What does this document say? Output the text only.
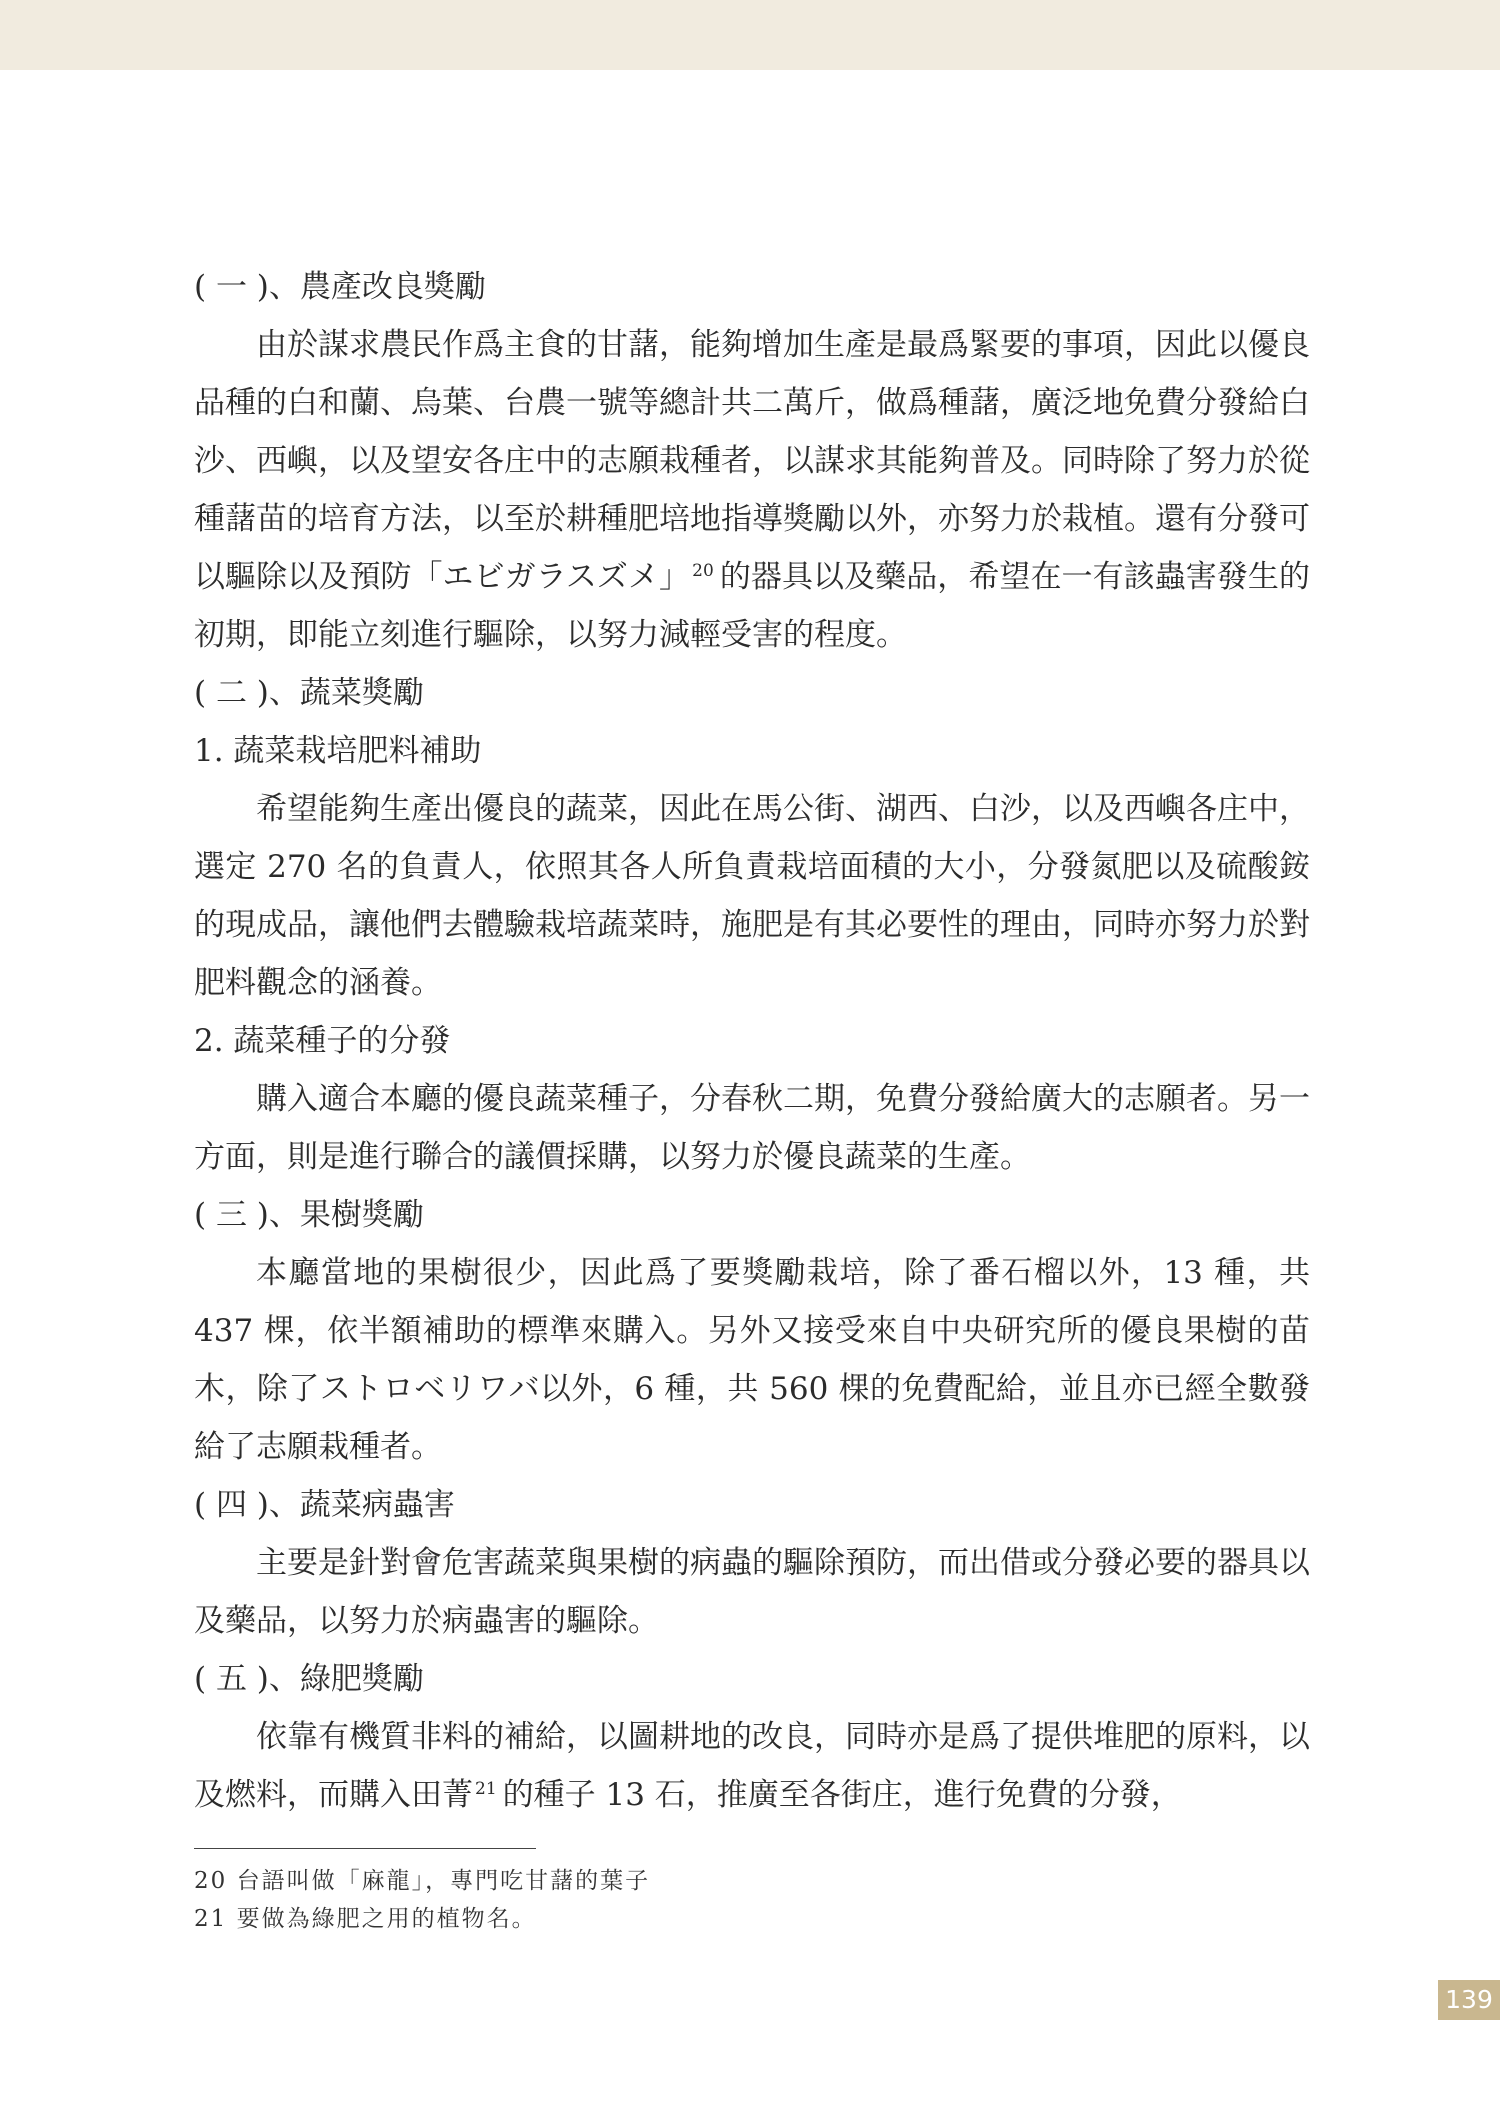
( 一 )、農產改良獎勵

由於謀求農民作爲主食的甘藷，能夠增加生產是最爲緊要的事項，因此以優良品種的白和蘭、烏葉、台農一號等總計共二萬斤，做爲種藷，廣泛地免費分發給白沙、西嶼，以及望安各庄中的志願栽種者，以謀求其能夠普及。同時除了努力於從種藷苗的培育方法，以至於耕種肥培地指導獎勵以外，亦努力於栽植。還有分發可以驅除以及預防「エビガラスズメ」 $^{20}$ 的器具以及藥品，希望在一有該蟲害發生的初期，即能立刻進行驅除，以努力減輕受害的程度。

( 二 )、蔬菜獎勵

1. 蔬菜栽培肥料補助

希望能夠生產出優良的蔬菜，因此在馬公街、湖西、白沙，以及西嶼各庄中，選定 270 名的負責人，依照其各人所負責栽培面積的大小，分發氮肥以及硫酸銨的現成品，讓他們去體驗栽培蔬菜時，施肥是有其必要性的理由，同時亦努力於對肥料觀念的涵養。

2. 蔬菜種子的分發

購入適合本廳的優良蔬菜種子，分春秋二期，免費分發給廣大的志願者。另一方面，則是進行聯合的議價採購，以努力於優良蔬菜的生產。

( 三 )、果樹獎勵

本廳當地的果樹很少，因此爲了要獎勵栽培，除了番石榴以外，13 種，共 437 棵，依半額補助的標準來購入。另外又接受來自中央研究所的優良果樹的苗木，除了ストロベリワバ以外，6 種，共 560 棵的免費配給，並且亦已經全數發給了志願栽種者。

( 四 )、蔬菜病蟲害

主要是針對會危害蔬菜與果樹的病蟲的驅除預防，而出借或分發必要的器具以及藥品，以努力於病蟲害的驅除。

( 五 )、綠肥獎勵

依靠有機質非料的補給，以圖耕地的改良，同時亦是爲了提供堆肥的原料，以及燃料，而購入田菁 $^{21}$ 的種子 13 石，推廣至各街庄，進行免費的分發，

20 台語叫做「麻龍」，專門吃甘藷的葉子

21 要做為綠肥之用的植物名。

139
